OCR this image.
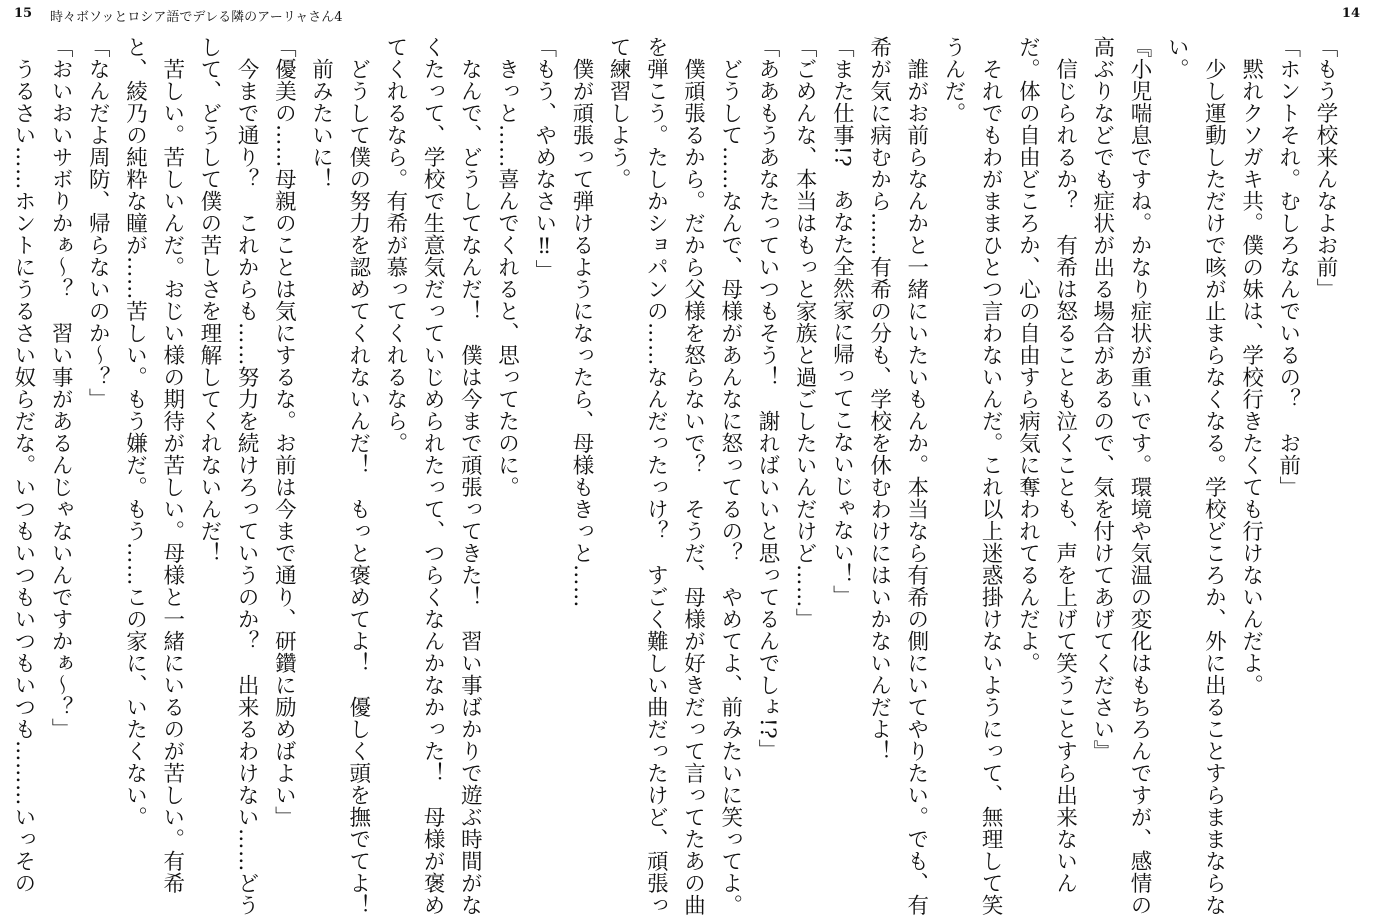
15 時々ボソッとロシア語でデレる隣のアーリャさん4	14
「もう学校来んなよお前」
「ホントそれ。むしろなんでいるの？　お前」
　黙れクソガキ共。僕の妹は、学校行きたくても行けないんだよ。
　少し運動しただけで咳が止まらなくなる。学校どころか、外に出ることすらままならな
い。
『小児喘息ですね。かなり症状が重いです。環境や気温の変化はもちろんですが、感情の
高ぶりなどでも症状が出る場合があるので、気を付けてあげてください』
　信じられるか？　有希は怒ることも泣くことも、声を上げて笑うことすら出来ないん
だ。体の自由どころか、心の自由すら病気に奪われてるんだよ。
　それでもわがままひとつ言わないんだ。これ以上迷惑掛けないようにって、無理して笑
うんだ。
　誰がお前らなんかと一緒にいたいもんか。本当なら有希の側にいてやりたい。でも、有
希が気に病むから……有希の分も、学校を休むわけにはいかないんだよ！
「また仕事!?　あなた全然家に帰ってこないじゃない！」
「ごめんな、本当はもっと家族と過ごしたいんだけど……」
「ああもうあなたっていつもそう！　謝ればいいと思ってるんでしょ!?」
　どうして……なんで、母様があんなに怒ってるの？　やめてよ、前みたいに笑ってよ。
　僕頑張るから。だから父様を怒らないで？　そうだ、母様が好きだって言ってたあの曲
を弾こう。たしかショパンの……なんだったっけ？　すごく難しい曲だったけど、頑張っ
て練習しよう。
　僕が頑張って弾けるようになったら、母様もきっと……
「もう、やめなさい‼」
　きっと……喜んでくれると、思ってたのに。
　なんで、どうしてなんだ！　僕は今まで頑張ってきた！　習い事ばかりで遊ぶ時間がな
くたって、学校で生意気だっていじめられたって、つらくなんかなかった！　母様が褒め
てくれるなら。有希が慕ってくれるなら。
　どうして僕の努力を認めてくれないんだ！　もっと褒めてよ！　優しく頭を撫でてよ！
　前みたいに！
「優美の……母親のことは気にするな。お前は今まで通り、研鑽に励めばよい」
　今まで通り？　これからも……努力を続けろっていうのか？　出来るわけない……どう
して、どうして僕の苦しさを理解してくれないんだ！
　苦しい。苦しいんだ。おじい様の期待が苦しい。母様と一緒にいるのが苦しい。有希
と、綾乃の純粋な瞳が……苦しい。もう嫌だ。もう……この家に、いたくない。
「なんだよ周防、帰らないのか～？」
「おいおいサボりかぁ～？　習い事があるんじゃないんですかぁ～？」
　うるさい……ホントにうるさい奴らだな。いつもいつもいつもいつも………いっその
